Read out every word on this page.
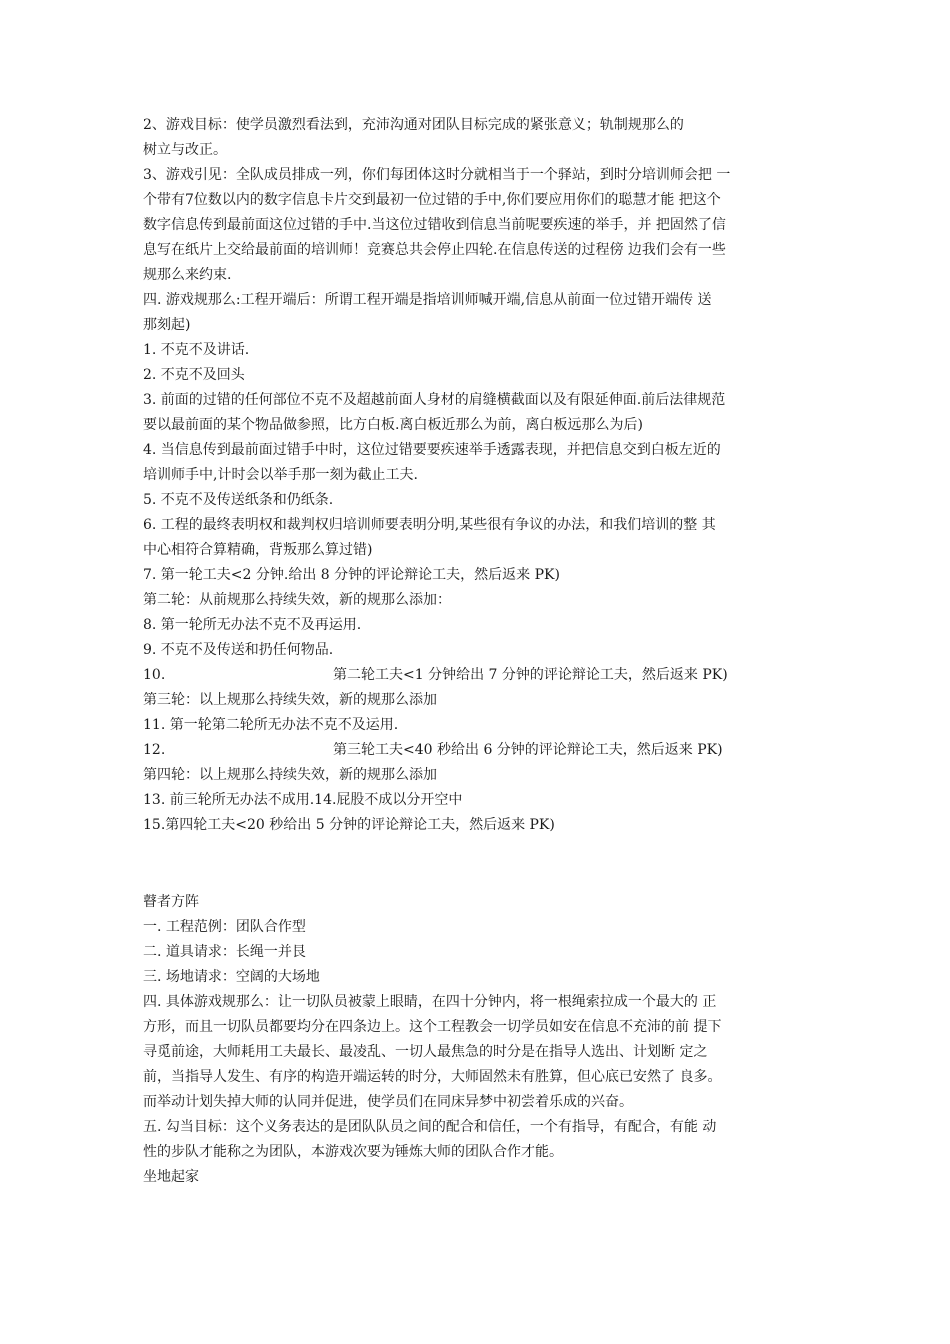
2、游戏目标：使学员激烈看法到，充沛沟通对团队目标完成的紧张意义；轨制规那么的
树立与改正。
3、游戏引见：全队成员排成一列，你们每团体这时分就相当于一个驿站，到时分培训师会把 一
个带有7位数以内的数字信息卡片交到最初一位过错的手中,你们要应用你们的聪慧才能 把这个
数字信息传到最前面这位过错的手中.当这位过错收到信息当前呢要疾速的举手，并 把固然了信
息写在纸片上交给最前面的培训师！竞赛总共会停止四轮.在信息传送的过程傍 边我们会有一些
规那么来约束.
四. 游戏规那么:工程开端后：所谓工程开端是指培训师喊开端,信息从前面一位过错开端传 送
那刻起)
1. 不克不及讲话.
2. 不克不及回头
3. 前面的过错的任何部位不克不及超越前面人身材的肩缝横截面以及有限延伸面.前后法律规范
要以最前面的某个物品做参照，比方白板.离白板近那么为前，离白板远那么为后)
4. 当信息传到最前面过错手中时，这位过错要要疾速举手透露表现，并把信息交到白板左近的
培训师手中,计时会以举手那一刻为截止工夫.
5. 不克不及传送纸条和仍纸条.
6. 工程的最终表明权和裁判权归培训师要表明分明,某些很有争议的办法，和我们培训的整 其
中心相符合算精确，背叛那么算过错)
7. 第一轮工夫<2 分钟.给出 8 分钟的评论辩论工夫，然后返来 PK)
第二轮：从前规那么持续失效，新的规那么添加：
8. 第一轮所无办法不克不及再运用.
9. 不克不及传送和扔任何物品.
10.	第二轮工夫<1 分钟给出 7 分钟的评论辩论工夫，然后返来 PK)
第三轮：以上规那么持续失效，新的规那么添加
11. 第一轮第二轮所无办法不克不及运用.
12.	第三轮工夫<40 秒给出 6 分钟的评论辩论工夫，然后返来 PK)
第四轮：以上规那么持续失效，新的规那么添加
13. 前三轮所无办法不成用.14.屁股不成以分开空中
15.第四轮工夫<20 秒给出 5 分钟的评论辩论工夫，然后返来 PK)
瞽者方阵
一. 工程范例：团队合作型
二. 道具请求：长绳一并艮
三. 场地请求：空阔的大场地
四. 具体游戏规那么：让一切队员被蒙上眼睛，在四十分钟内，将一根绳索拉成一个最大的 正
方形，而且一切队员都要均分在四条边上。这个工程教会一切学员如安在信息不充沛的前 提下
寻觅前途，大师耗用工夫最长、最凌乱、一切人最焦急的时分是在指导人选出、计划断 定之
前，当指导人发生、有序的构造开端运转的时分，大师固然未有胜算，但心底已安然了 良多。
而举动计划失掉大师的认同并促进，使学员们在同床异梦中初尝着乐成的兴奋。
五. 勾当目标：这个义务表达的是团队队员之间的配合和信任，一个有指导，有配合，有能 动
性的步队才能称之为团队，本游戏次要为锤炼大师的团队合作才能。
坐地起家
